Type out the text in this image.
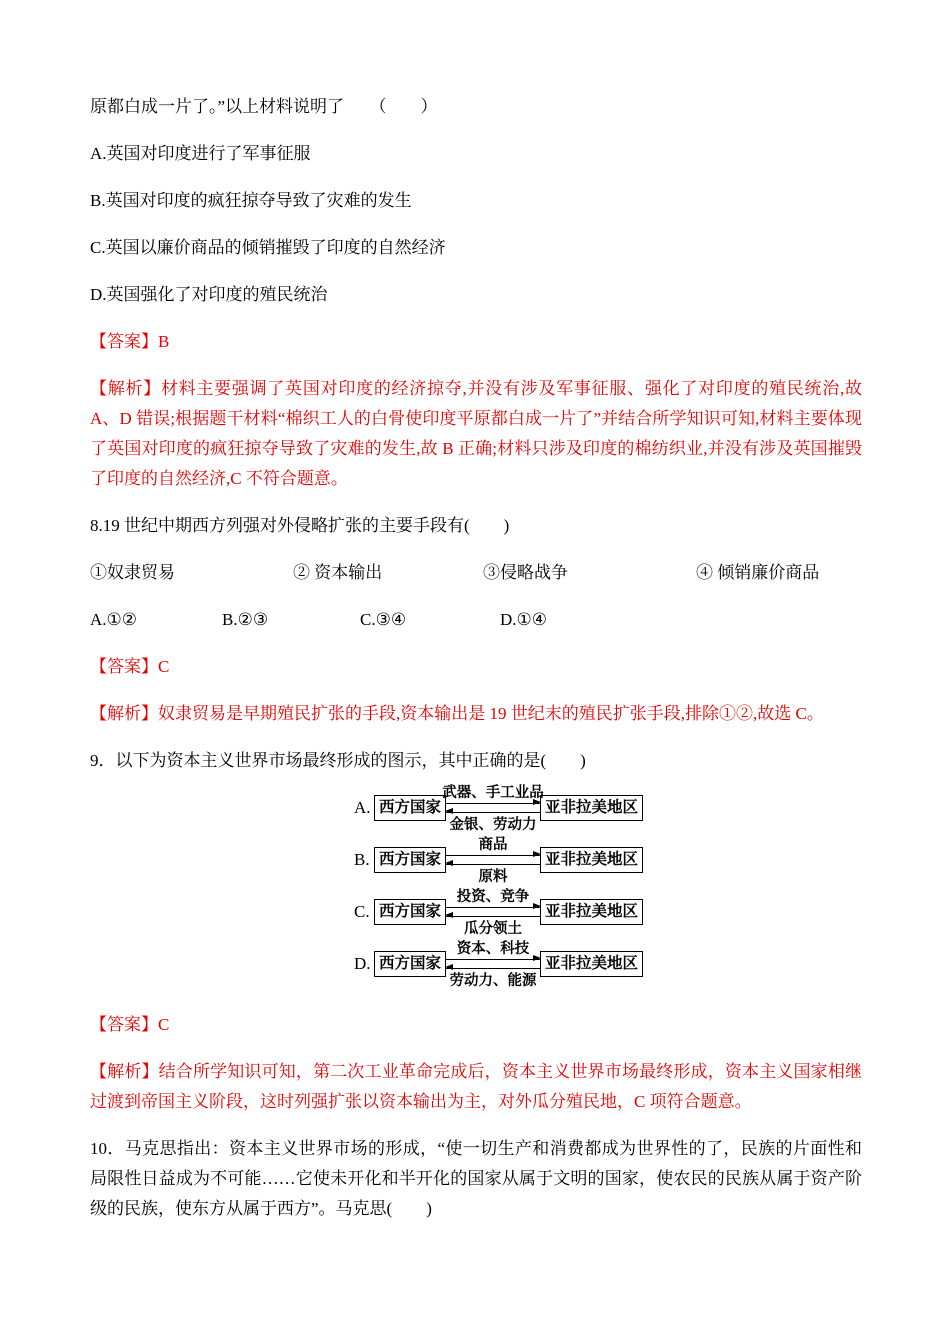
原都白成一片了。”以上材料说明了　　（　　）

A.英国对印度进行了军事征服

B.英国对印度的疯狂掠夺导致了灾难的发生

C.英国以廉价商品的倾销摧毁了印度的自然经济

D.英国强化了对印度的殖民统治

【答案】B

【解析】材料主要强调了英国对印度的经济掠夺,并没有涉及军事征服、强化了对印度的殖民统治,故 A、D 错误;根据题干材料“棉织工人的白骨使印度平原都白成一片了”并结合所学知识可知,材料主要体现了英国对印度的疯狂掠夺导致了灾难的发生,故 B 正确;材料只涉及印度的棉纺织业,并没有涉及英国摧毁了印度的自然经济,C 不符合题意。

8.19 世纪中期西方列强对外侵略扩张的主要手段有(　　)

①奴隶贸易	② 资本输出	③侵略战争	④ 倾销廉价商品

A.①②	B.②③	C.③④	D.①④

【答案】C

【解析】奴隶贸易是早期殖民扩张的手段,资本输出是 19 世纪末的殖民扩张手段,排除①②,故选 C。

9．以下为资本主义世界市场最终形成的图示，其中正确的是(　　)

A. 西方国家
武器、手工业品
金银、劳动力
亚非拉美地区
B. 西方国家
商品
原料
亚非拉美地区
C. 西方国家
投资、竞争
瓜分领土
亚非拉美地区
D. 西方国家
资本、科技
劳动力、能源
亚非拉美地区

【答案】C

【解析】结合所学知识可知，第二次工业革命完成后，资本主义世界市场最终形成，资本主义国家相继过渡到帝国主义阶段，这时列强扩张以资本输出为主，对外瓜分殖民地，C 项符合题意。

10．马克思指出：资本主义世界市场的形成，“使一切生产和消费都成为世界性的了，民族的片面性和局限性日益成为不可能……它使未开化和半开化的国家从属于文明的国家，使农民的民族从属于资产阶级的民族，使东方从属于西方”。马克思(　　)
